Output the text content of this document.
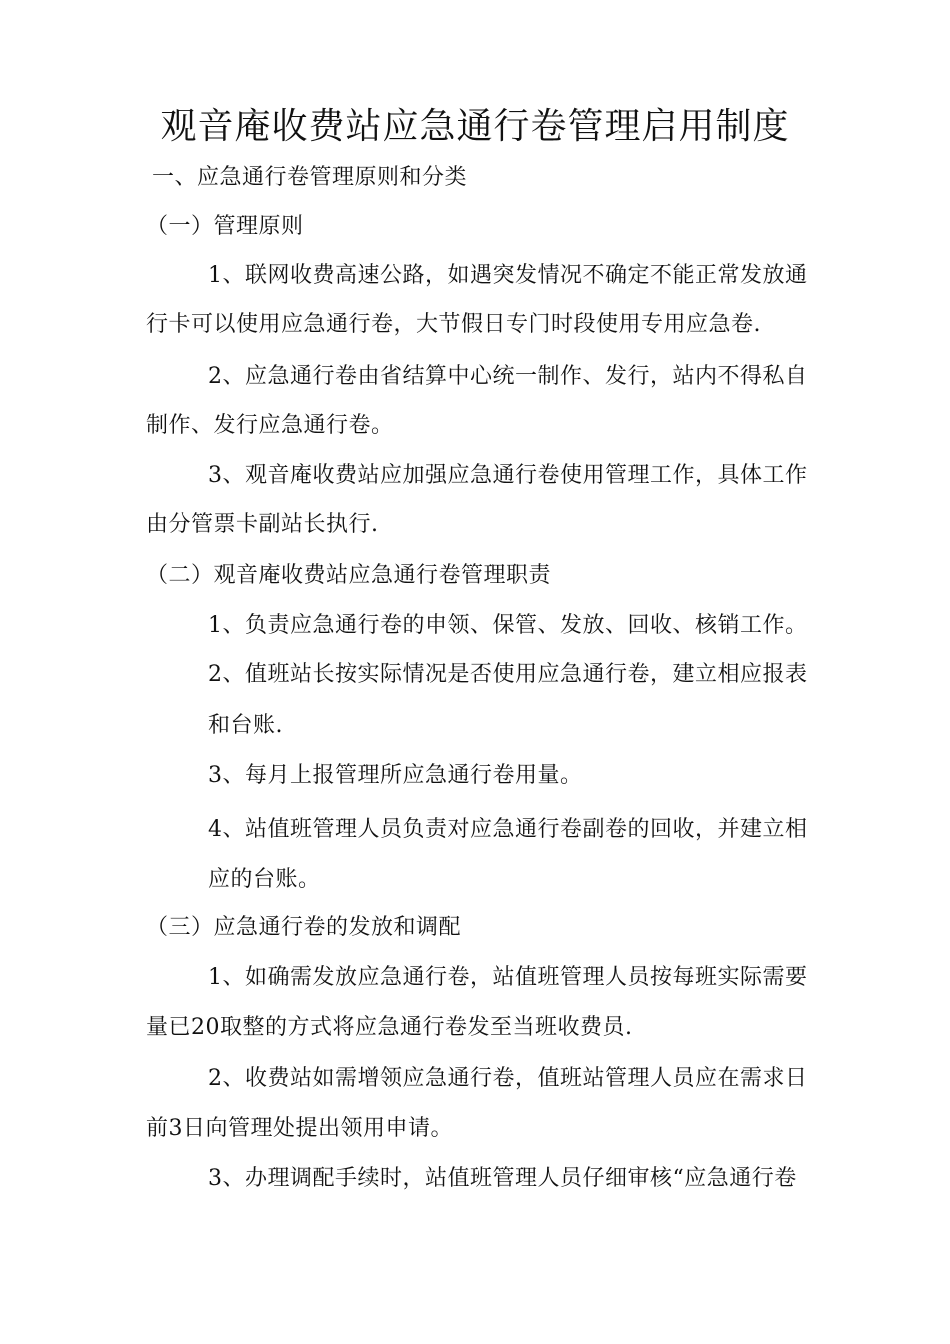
观音庵收费站应急通行卷管理启用制度
一、应急通行卷管理原则和分类
（一）管理原则
1、联网收费高速公路，如遇突发情况不确定不能正常发放通
行卡可以使用应急通行卷，大节假日专门时段使用专用应急卷.
2、应急通行卷由省结算中心统一制作、发行，站内不得私自
制作、发行应急通行卷。
3、观音庵收费站应加强应急通行卷使用管理工作，具体工作
由分管票卡副站长执行.
（二）观音庵收费站应急通行卷管理职责
1、负责应急通行卷的申领、保管、发放、回收、核销工作。
2、值班站长按实际情况是否使用应急通行卷，建立相应报表
和台账.
3、每月上报管理所应急通行卷用量。
4、站值班管理人员负责对应急通行卷副卷的回收，并建立相
应的台账。
（三）应急通行卷的发放和调配
1、如确需发放应急通行卷，站值班管理人员按每班实际需要
量已20取整的方式将应急通行卷发至当班收费员.
2、收费站如需增领应急通行卷，值班站管理人员应在需求日
前3日向管理处提出领用申请。
3、办理调配手续时，站值班管理人员仔细审核“应急通行卷
